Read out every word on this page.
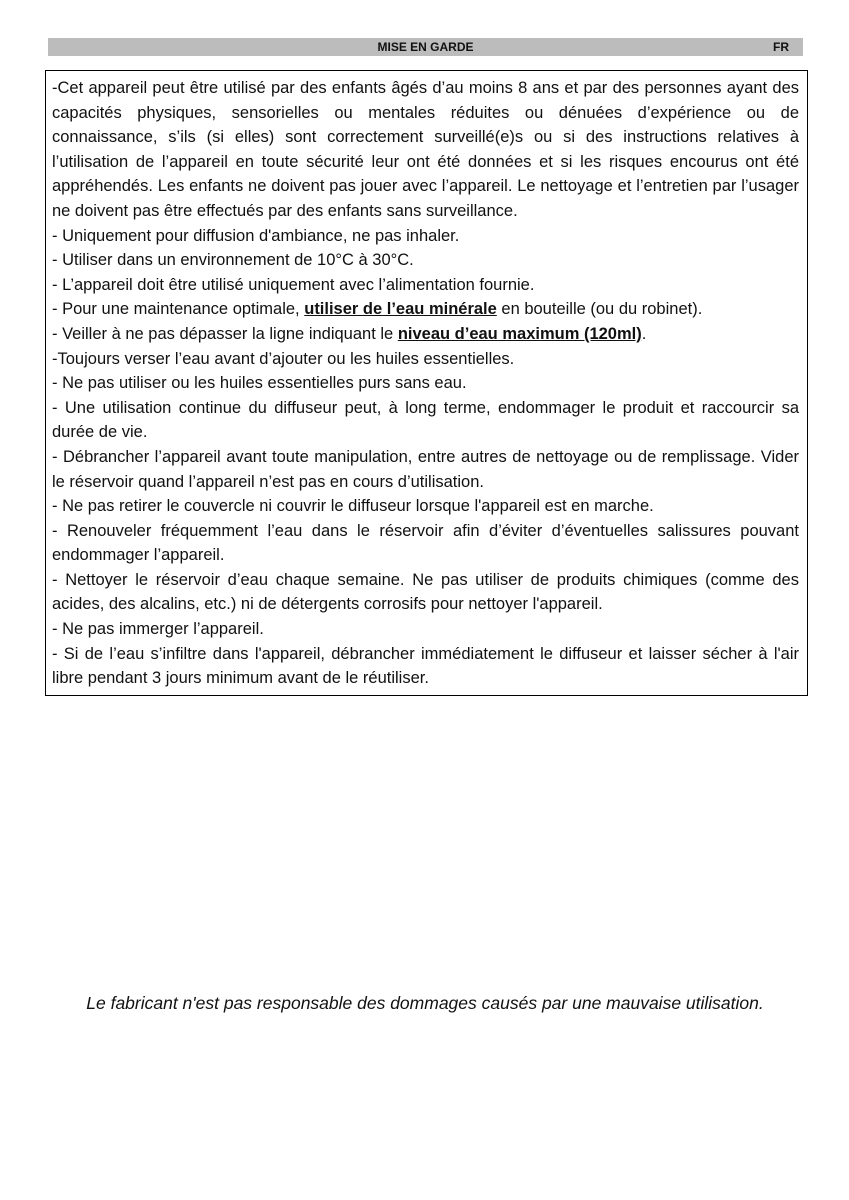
MISE EN GARDE	FR

-Cet appareil peut être utilisé par des enfants âgés d’au moins 8 ans et par des personnes ayant des capacités physiques, sensorielles ou mentales réduites ou dénuées d’expérience ou de connaissance, s’ils (si elles) sont correctement surveillé(e)s ou si des instructions relatives à l’utilisation de l’appareil en toute sécurité leur ont été données et si les risques encourus ont été appréhendés. Les enfants ne doivent pas jouer avec l’appareil. Le nettoyage et l’entretien par l’usager ne doivent pas être effectués par des enfants sans surveillance.

- Uniquement pour diffusion d'ambiance, ne pas inhaler.

- Utiliser dans un environnement de 10°C à 30°C.

- L’appareil doit être utilisé uniquement avec l’alimentation fournie.

- Pour une maintenance optimale, utiliser de l’eau minérale en bouteille (ou du robinet).

- Veiller à ne pas dépasser la ligne indiquant le niveau d’eau maximum (120ml).

-Toujours verser l’eau avant d’ajouter ou les huiles essentielles.

- Ne pas utiliser ou les huiles essentielles purs sans eau.

- Une utilisation continue du diffuseur peut, à long terme, endommager le produit et raccourcir sa durée de vie.

- Débrancher l’appareil avant toute manipulation, entre autres de nettoyage ou de remplissage. Vider le réservoir quand l’appareil n’est pas en cours d’utilisation.

- Ne pas retirer le couvercle ni couvrir le diffuseur lorsque l'appareil est en marche.

- Renouveler fréquemment l’eau dans le réservoir afin d’éviter d’éventuelles salissures pouvant endommager l’appareil.

- Nettoyer le réservoir d’eau chaque semaine. Ne pas utiliser de produits chimiques (comme des acides, des alcalins, etc.) ni de détergents corrosifs pour nettoyer l'appareil.

- Ne pas immerger l’appareil.

- Si de l’eau s’infiltre dans l'appareil, débrancher immédiatement le diffuseur et laisser sécher à l'air libre pendant 3 jours minimum avant de le réutiliser.

Le fabricant n'est pas responsable des dommages causés par une mauvaise utilisation.
